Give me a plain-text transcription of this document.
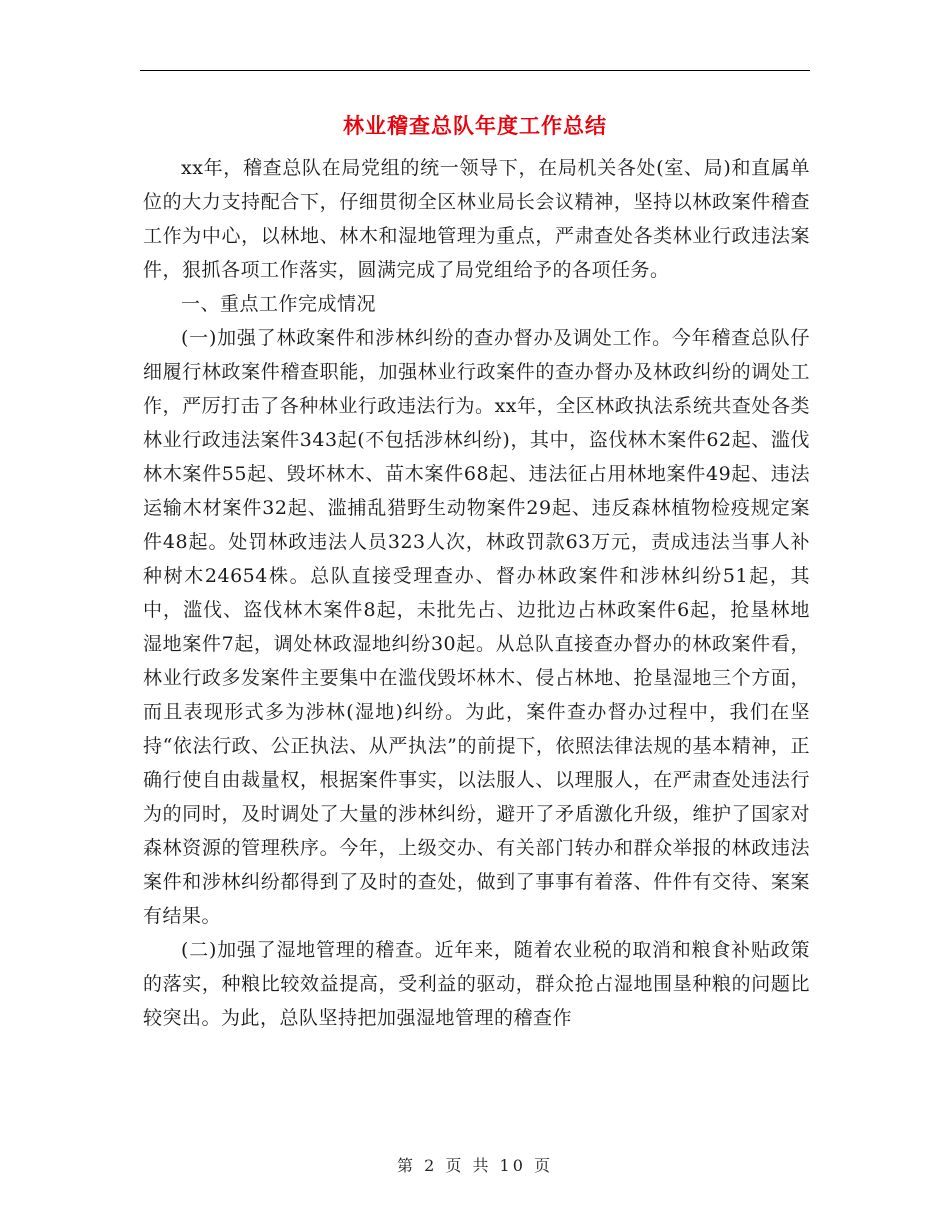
林业稽查总队年度工作总结

xx年，稽查总队在局党组的统一领导下，在局机关各处(室、局)和直属单位的大力支持配合下，仔细贯彻全区林业局长会议精神，坚持以林政案件稽查工作为中心，以林地、林木和湿地管理为重点，严肃查处各类林业行政违法案件，狠抓各项工作落实，圆满完成了局党组给予的各项任务。

一、重点工作完成情况

(一)加强了林政案件和涉林纠纷的查办督办及调处工作。今年稽查总队仔细履行林政案件稽查职能，加强林业行政案件的查办督办及林政纠纷的调处工作，严厉打击了各种林业行政违法行为。xx年，全区林政执法系统共查处各类林业行政违法案件343起(不包括涉林纠纷)，其中，盗伐林木案件62起、滥伐林木案件55起、毁坏林木、苗木案件68起、违法征占用林地案件49起、违法运输木材案件32起、滥捕乱猎野生动物案件29起、违反森林植物检疫规定案件48起。处罚林政违法人员323人次，林政罚款63万元，责成违法当事人补种树木24654株。总队直接受理查办、督办林政案件和涉林纠纷51起，其中，滥伐、盗伐林木案件8起，未批先占、边批边占林政案件6起，抢垦林地湿地案件7起，调处林政湿地纠纷30起。从总队直接查办督办的林政案件看，林业行政多发案件主要集中在滥伐毁坏林木、侵占林地、抢垦湿地三个方面，而且表现形式多为涉林(湿地)纠纷。为此，案件查办督办过程中，我们在坚持“依法行政、公正执法、从严执法”的前提下，依照法律法规的基本精神，正确行使自由裁量权，根据案件事实，以法服人、以理服人，在严肃查处违法行为的同时，及时调处了大量的涉林纠纷，避开了矛盾激化升级，维护了国家对森林资源的管理秩序。今年，上级交办、有关部门转办和群众举报的林政违法案件和涉林纠纷都得到了及时的查处，做到了事事有着落、件件有交待、案案有结果。

(二)加强了湿地管理的稽查。近年来，随着农业税的取消和粮食补贴政策的落实，种粮比较效益提高，受利益的驱动，群众抢占湿地围垦种粮的问题比较突出。为此，总队坚持把加强湿地管理的稽查作

第 2 页 共 10 页
